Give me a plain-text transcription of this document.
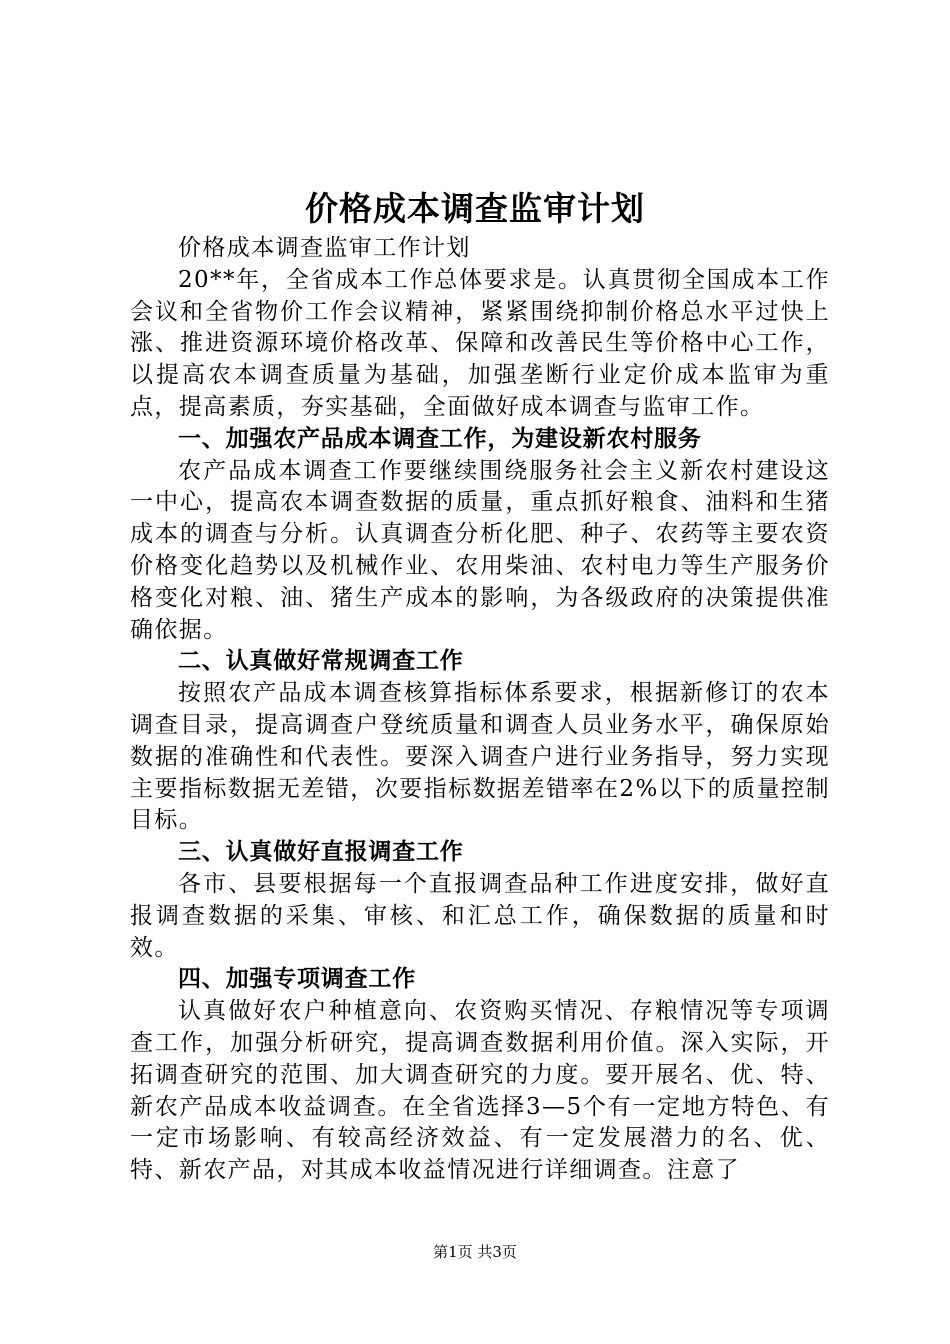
价格成本调查监审计划

价格成本调查监审工作计划

20**年，全省成本工作总体要求是。认真贯彻全国成本工作会议和全省物价工作会议精神，紧紧围绕抑制价格总水平过快上涨、推进资源环境价格改革、保障和改善民生等价格中心工作，以提高农本调查质量为基础，加强垄断行业定价成本监审为重点，提高素质，夯实基础，全面做好成本调查与监审工作。

一、加强农产品成本调查工作，为建设新农村服务

农产品成本调查工作要继续围绕服务社会主义新农村建设这一中心，提高农本调查数据的质量，重点抓好粮食、油料和生猪成本的调查与分析。认真调查分析化肥、种子、农药等主要农资价格变化趋势以及机械作业、农用柴油、农村电力等生产服务价格变化对粮、油、猪生产成本的影响，为各级政府的决策提供准确依据。

二、认真做好常规调查工作

按照农产品成本调查核算指标体系要求，根据新修订的农本调查目录，提高调查户登统质量和调查人员业务水平，确保原始数据的准确性和代表性。要深入调查户进行业务指导，努力实现主要指标数据无差错，次要指标数据差错率在2%以下的质量控制目标。

三、认真做好直报调查工作

各市、县要根据每一个直报调查品种工作进度安排，做好直报调查数据的采集、审核、和汇总工作，确保数据的质量和时效。

四、加强专项调查工作

认真做好农户种植意向、农资购买情况、存粮情况等专项调查工作，加强分析研究，提高调查数据利用价值。深入实际，开拓调查研究的范围、加大调查研究的力度。要开展名、优、特、新农产品成本收益调查。在全省选择3—5个有一定地方特色、有一定市场影响、有较高经济效益、有一定发展潜力的名、优、特、新农产品，对其成本收益情况进行详细调查。注意了

第1页 共3页
